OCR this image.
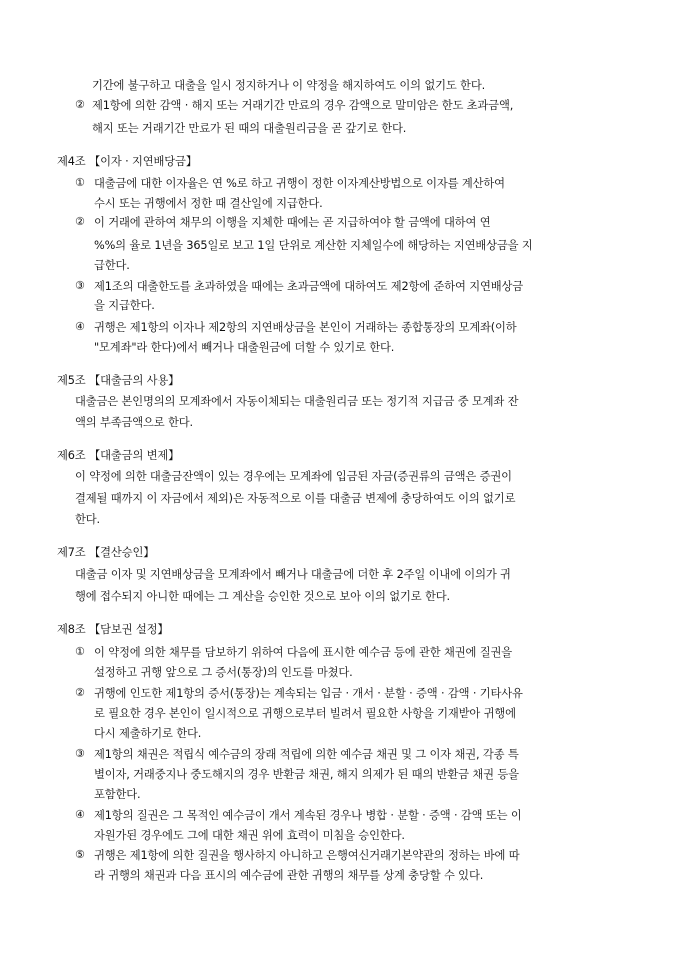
기간에 불구하고 대출을 일시 정지하거나 이 약정을 해지하여도 이의 없기도 한다.
② 제1항에 의한 감액 · 해지 또는 거래기간 만료의 경우 감액으로 말미암은 한도 초과금액,
해지 또는 거래기간 만료가 된 때의 대출원리금을 곧 갚기로 한다.
제4조 【이자 · 지연배당금】
① 대출금에 대한 이자율은 연 %로 하고 귀행이 정한 이자계산방법으로 이자를 계산하여
수시 또는 귀행에서 정한 때 결산일에 지급한다.
② 이 거래에 관하여 채무의 이행을 지체한 때에는 곧 지급하여야 할 금액에 대하여 연
%%의 율로 1년을 365일로 보고 1일 단위로 계산한 지체일수에 해당하는 지연배상금을 지
급한다.
③ 제1조의 대출한도를 초과하였을 때에는 초과금액에 대하여도 제2항에 준하여 지연배상금
을 지급한다.
④ 귀행은 제1항의 이자나 제2항의 지연배상금을 본인이 거래하는 종합통장의 모계좌(이하
"모계좌"라 한다)에서 빼거나 대출원금에 더할 수 있기로 한다.
제5조 【대출금의 사용】
대출금은 본인명의의 모계좌에서 자동이체되는 대출원리금 또는 정기적 지급금 중 모계좌 잔
액의 부족금액으로 한다.
제6조 【대출금의 변제】
이 약정에 의한 대출금잔액이 있는 경우에는 모계좌에 입금된 자금(증권류의 금액은 증권이
결제될 때까지 이 자금에서 제외)은 자동적으로 이를 대출금 변제에 충당하여도 이의 없기로
한다.
제7조 【결산승인】
대출금 이자 및 지연배상금을 모계좌에서 빼거나 대출금에 더한 후 2주일 이내에 이의가 귀
행에 접수되지 아니한 때에는 그 계산을 승인한 것으로 보아 이의 없기로 한다.
제8조 【담보권 설정】
① 이 약정에 의한 채무를 담보하기 위하여 다음에 표시한 예수금 등에 관한 채권에 질권을
설정하고 귀행 앞으로 그 증서(통장)의 인도를 마쳤다.
② 귀행에 인도한 제1항의 증서(통장)는 계속되는 입금 · 개서 · 분할 · 증액 · 감액 · 기타사유
로 필요한 경우 본인이 일시적으로 귀행으로부터 빌려서 필요한 사항을 기재받아 귀행에
다시 제출하기로 한다.
③ 제1항의 채권은 적립식 예수금의 장래 적립에 의한 예수금 채권 및 그 이자 채권, 각종 특
별이자, 거래중지나 중도해지의 경우 반환금 채권, 해지 의제가 된 때의 반환금 채권 등을
포함한다.
④ 제1항의 질권은 그 목적인 예수금이 개서 계속된 경우나 병합 · 분할 · 증액 · 감액 또는 이
자원가된 경우에도 그에 대한 채권 위에 효력이 미침을 승인한다.
⑤ 귀행은 제1항에 의한 질권을 행사하지 아니하고 은행여신거래기본약관의 정하는 바에 따
라 귀행의 채권과 다음 표시의 예수금에 관한 귀행의 채무를 상계 충당할 수 있다.
